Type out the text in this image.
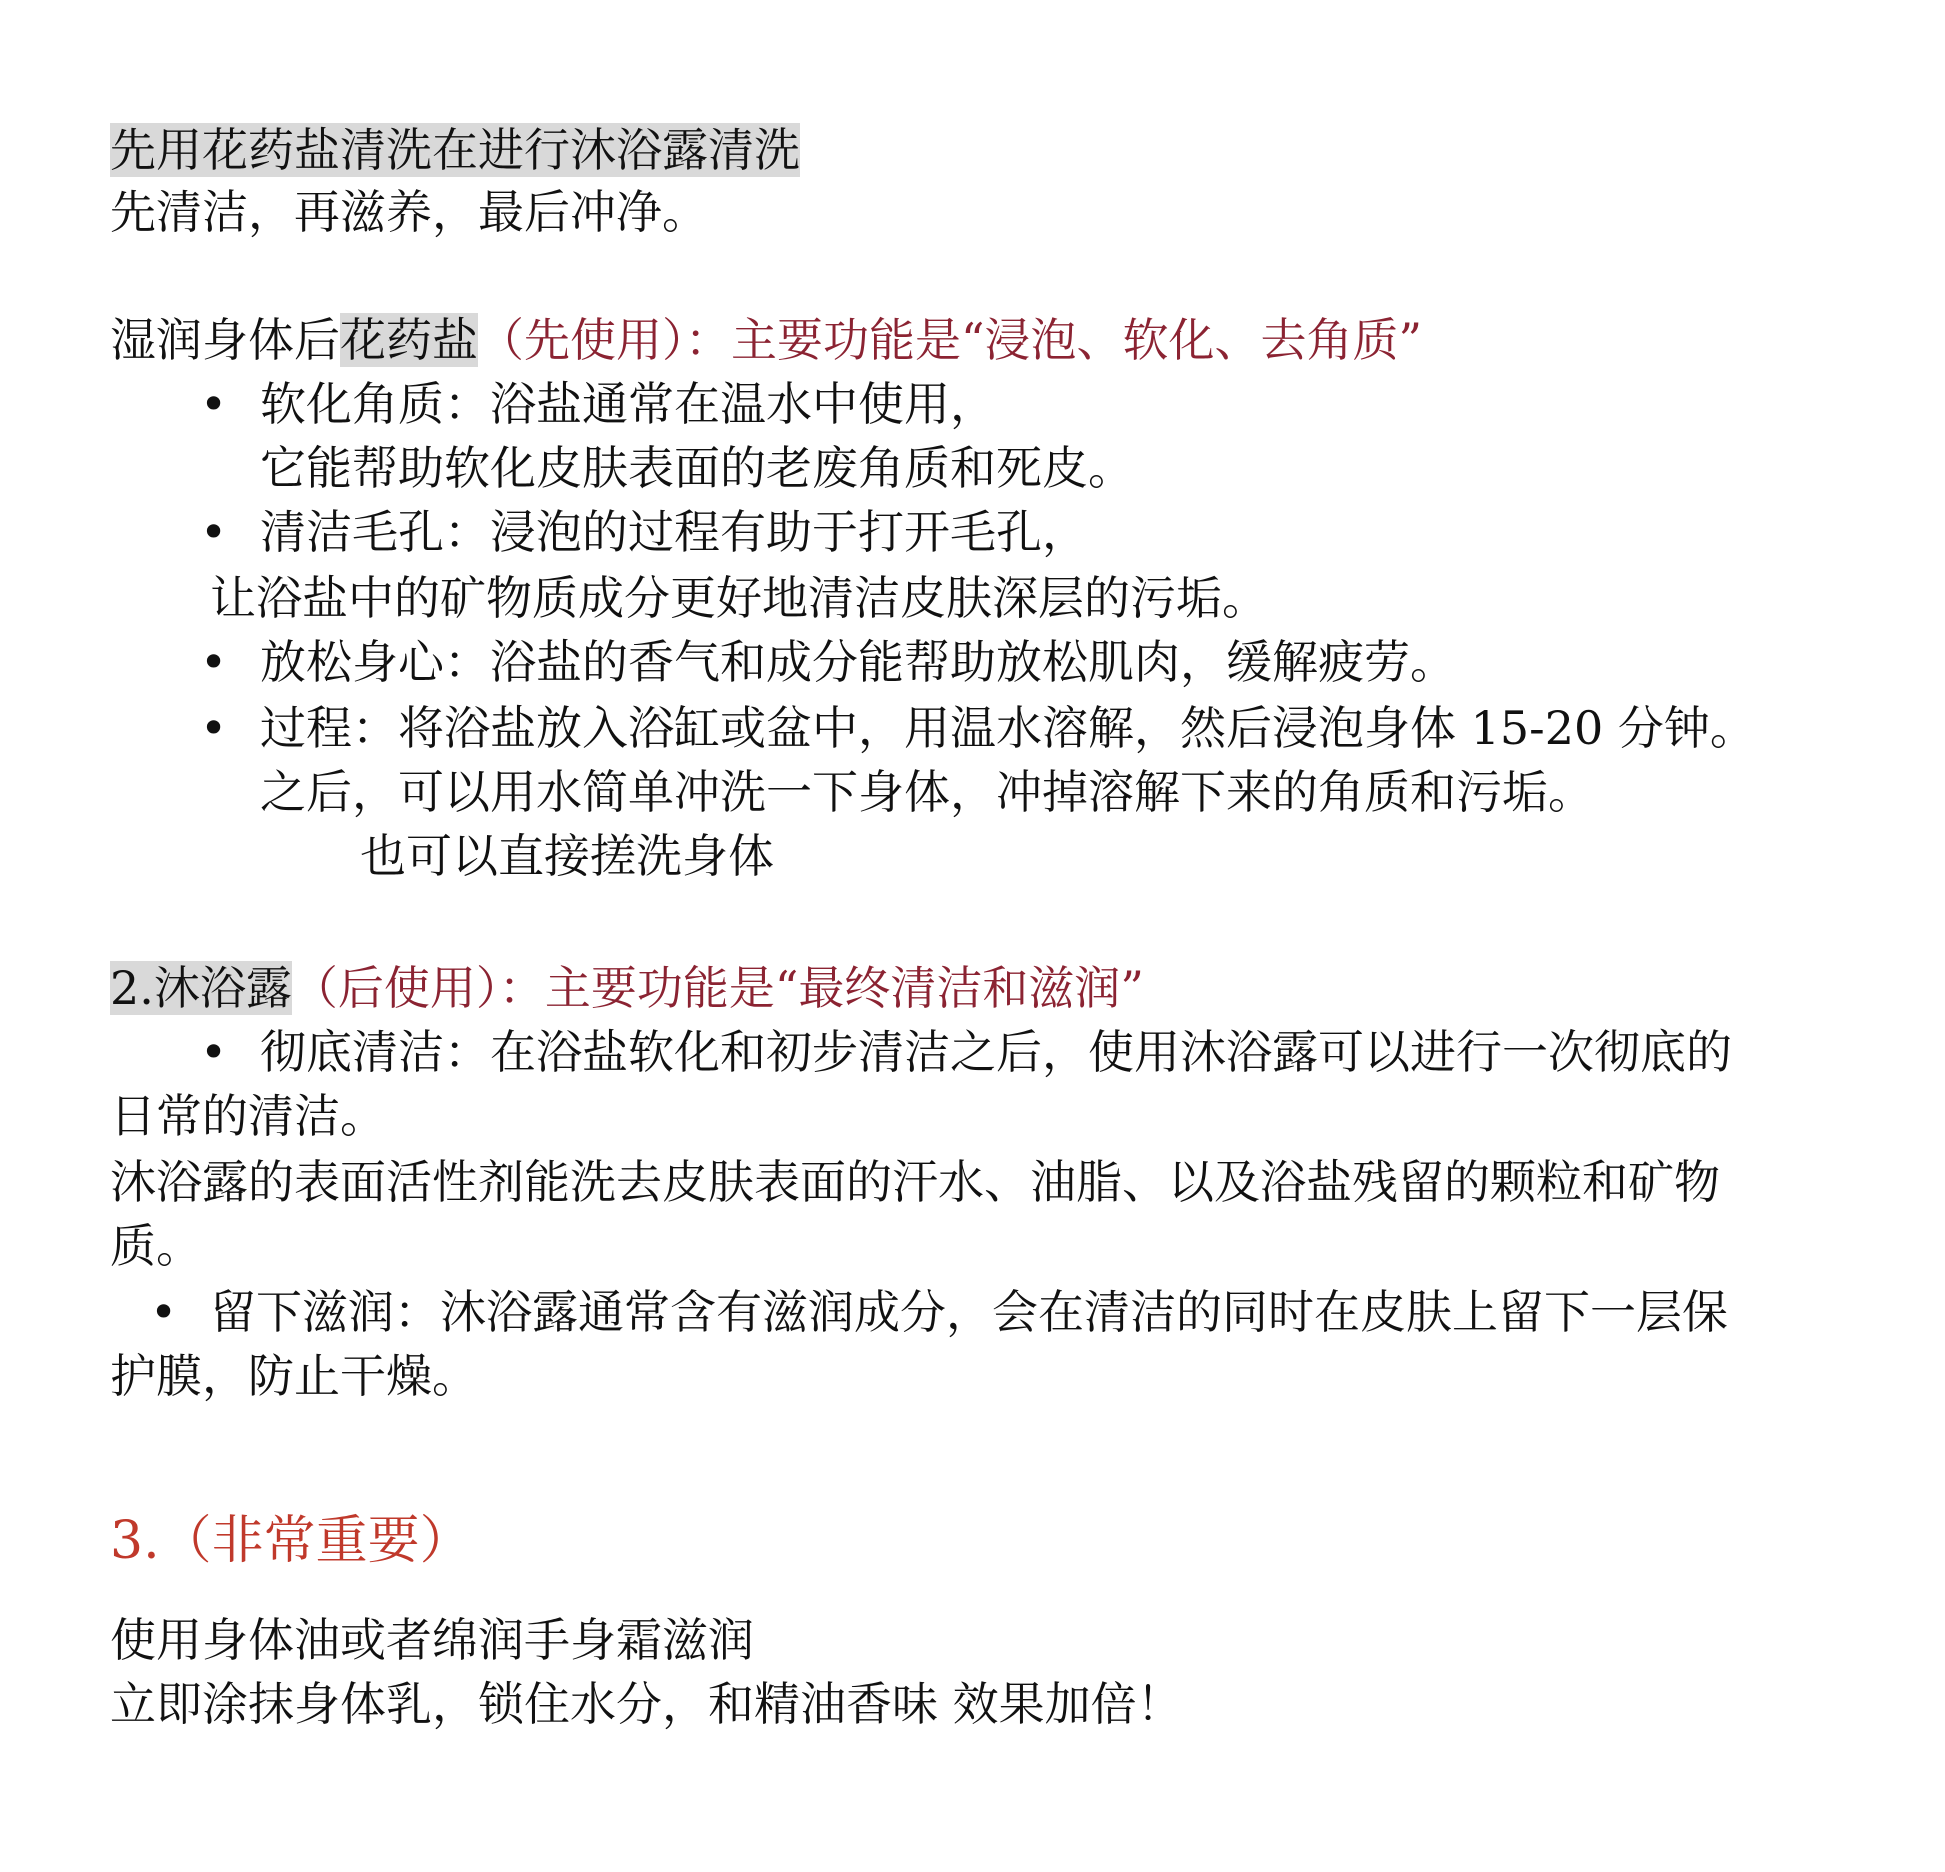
先用花药盐清洗在进行沐浴露清洗
先清洁，再滋养，最后冲净。
湿润身体后花药盐（先使用）：主要功能是“浸泡、软化、去角质”
• 软化角质：浴盐通常在温水中使用，
它能帮助软化皮肤表面的老废角质和死皮。
• 清洁毛孔：浸泡的过程有助于打开毛孔，
让浴盐中的矿物质成分更好地清洁皮肤深层的污垢。
• 放松身心：浴盐的香气和成分能帮助放松肌肉，缓解疲劳。
• 过程：将浴盐放入浴缸或盆中，用温水溶解，然后浸泡身体 15-20 分钟。
之后，可以用水简单冲洗一下身体，冲掉溶解下来的角质和污垢。
也可以直接搓洗身体
2.沐浴露（后使用）：主要功能是“最终清洁和滋润”
• 彻底清洁：在浴盐软化和初步清洁之后，使用沐浴露可以进行一次彻底的
日常的清洁。
沐浴露的表面活性剂能洗去皮肤表面的汗水、油脂、以及浴盐残留的颗粒和矿物
质。
• 留下滋润：沐浴露通常含有滋润成分，会在清洁的同时在皮肤上留下一层保
护膜，防止干燥。
3.（非常重要）
使用身体油或者绵润手身霜滋润
立即涂抹身体乳，锁住水分，和精油香味 效果加倍！
